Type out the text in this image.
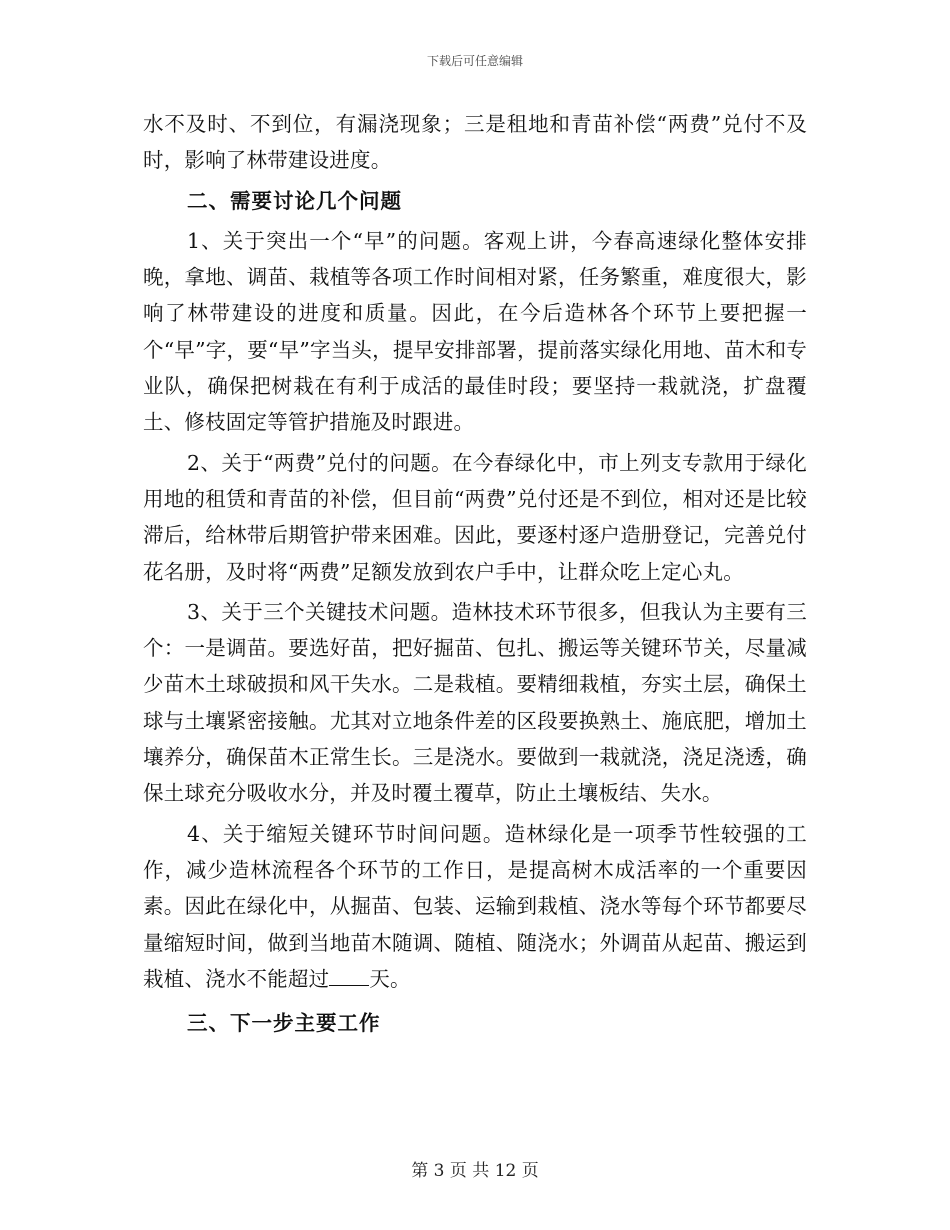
下载后可任意编辑

水不及时、不到位，有漏浇现象；三是租地和青苗补偿“两费”兑付不及时，影响了林带建设进度。

二、需要讨论几个问题

1、关于突出一个“早”的问题。客观上讲，今春高速绿化整体安排晚，拿地、调苗、栽植等各项工作时间相对紧，任务繁重，难度很大，影响了林带建设的进度和质量。因此，在今后造林各个环节上要把握一个“早”字，要“早”字当头，提早安排部署，提前落实绿化用地、苗木和专业队，确保把树栽在有利于成活的最佳时段；要坚持一栽就浇，扩盘覆土、修枝固定等管护措施及时跟进。

2、关于“两费”兑付的问题。在今春绿化中，市上列支专款用于绿化用地的租赁和青苗的补偿，但目前“两费”兑付还是不到位，相对还是比较滞后，给林带后期管护带来困难。因此，要逐村逐户造册登记，完善兑付花名册，及时将“两费”足额发放到农户手中，让群众吃上定心丸。

3、关于三个关键技术问题。造林技术环节很多，但我认为主要有三个：一是调苗。要选好苗，把好掘苗、包扎、搬运等关键环节关，尽量减少苗木土球破损和风干失水。二是栽植。要精细栽植，夯实土层，确保土球与土壤紧密接触。尤其对立地条件差的区段要换熟土、施底肥，增加土壤养分，确保苗木正常生长。三是浇水。要做到一栽就浇，浇足浇透，确保土球充分吸收水分，并及时覆土覆草，防止土壤板结、失水。

4、关于缩短关键环节时间问题。造林绿化是一项季节性较强的工作，减少造林流程各个环节的工作日，是提高树木成活率的一个重要因素。因此在绿化中，从掘苗、包装、运输到栽植、浇水等每个环节都要尽量缩短时间，做到当地苗木随调、随植、随浇水；外调苗从起苗、搬运到栽植、浇水不能超过 天。

三、下一步主要工作

第 3 页 共 12 页
